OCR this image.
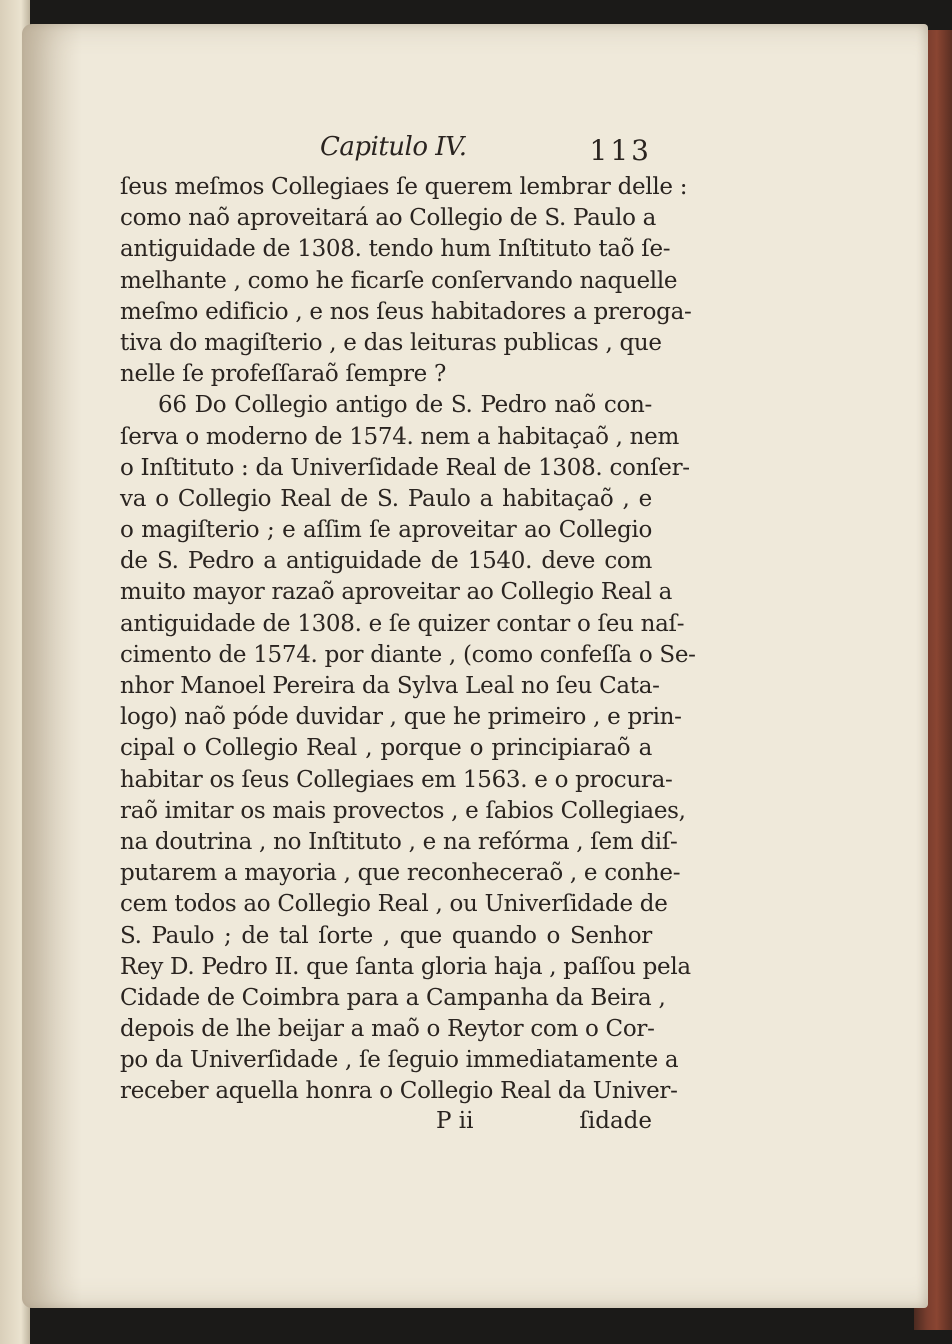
Capitulo IV.	113
ſeus meſmos Collegiaes ſe querem lembrar delle :
como naõ aproveitará ao Collegio de S. Paulo a
antiguidade de 1308. tendo hum Inſtituto taõ ſe-
melhante , como he ficarſe conſervando naquelle
meſmo edificio , e nos ſeus habitadores a preroga-
tiva do magiſterio , e das leituras publicas , que
nelle ſe profeſſaraõ ſempre ?
66 Do Collegio antigo de S. Pedro naõ con-
ſerva o moderno de 1574. nem a habitaçaõ , nem
o Inſtituto : da Univerſidade Real de 1308. conſer-
va o Collegio Real de S. Paulo a habitaçaõ , e
o magiſterio ; e aſſim ſe aproveitar ao Collegio
de S. Pedro a antiguidade de 1540. deve com
muito mayor razaõ aproveitar ao Collegio Real a
antiguidade de 1308. e ſe quizer contar o ſeu naſ-
cimento de 1574. por diante , (como confeſſa o Se-
nhor Manoel Pereira da Sylva Leal no ſeu Cata-
logo) naõ póde duvidar , que he primeiro , e prin-
cipal o Collegio Real , porque o principiaraõ a
habitar os ſeus Collegiaes em 1563. e o procura-
raõ imitar os mais provectos , e ſabios Collegiaes,
na doutrina , no Inſtituto , e na refórma , ſem diſ-
putarem a mayoria , que reconheceraõ , e conhe-
cem todos ao Collegio Real , ou Univerſidade de
S. Paulo ; de tal ſorte , que quando o Senhor
Rey D. Pedro II. que ſanta gloria haja , paſſou pela
Cidade de Coimbra para a Campanha da Beira ,
depois de lhe beijar a maõ o Reytor com o Cor-
po da Univerſidade , ſe ſeguio immediatamente a
receber aquella honra o Collegio Real da Univer-
P ii	ſidade
